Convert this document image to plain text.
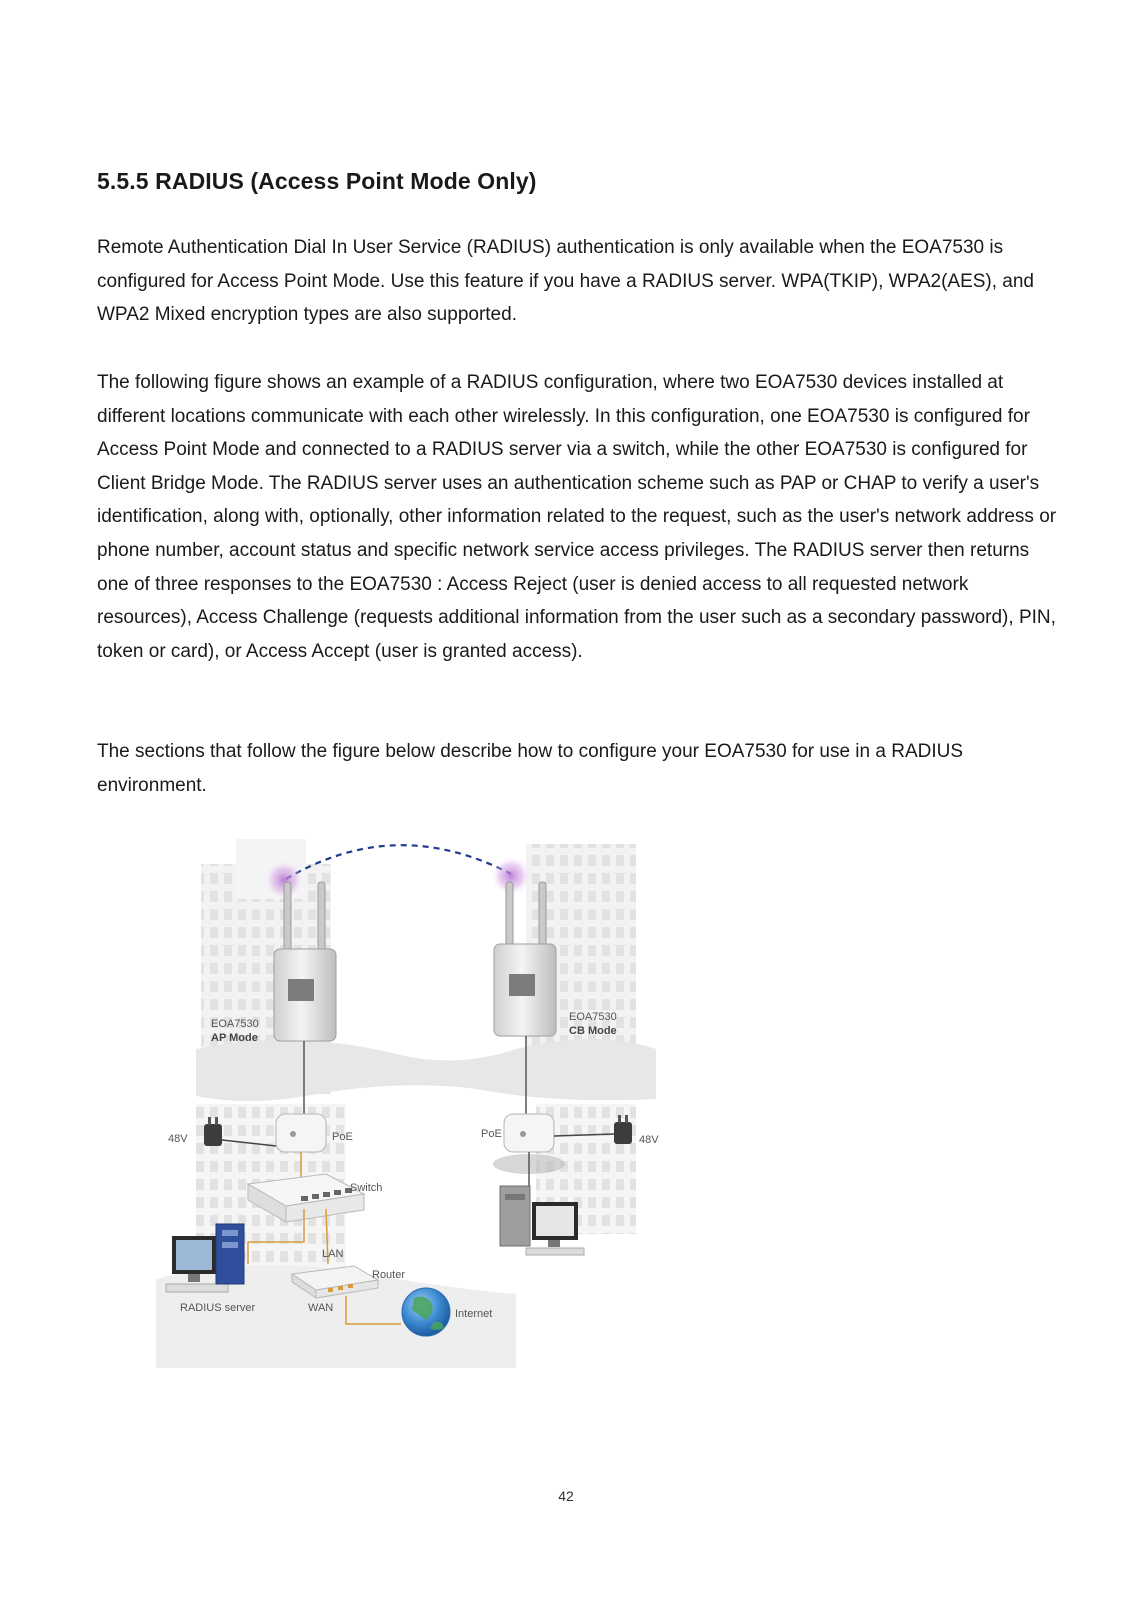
5.5.5 RADIUS (Access Point Mode Only)

Remote Authentication Dial In User Service (RADIUS) authentication is only available when the EOA7530 is configured for Access Point Mode. Use this feature if you have a RADIUS server. WPA(TKIP), WPA2(AES), and WPA2 Mixed encryption types are also supported.

The following figure shows an example of a RADIUS configuration, where two EOA7530 devices installed at different locations communicate with each other wirelessly. In this configuration, one EOA7530 is configured for Access Point Mode and connected to a RADIUS server via a switch, while the other EOA7530 is configured for Client Bridge Mode. The RADIUS server uses an authentication scheme such as PAP or CHAP to verify a user's identification, along with, optionally, other information related to the request, such as the user's network address or phone number, account status and specific network service access privileges. The RADIUS server then returns one of three responses to the EOA7530 : Access Reject (user is denied access to all requested network resources), Access Challenge (requests additional information from the user such as a secondary password), PIN, token or card), or Access Accept (user is granted access).

The sections that follow the figure below describe how to configure your EOA7530 for use in a RADIUS environment.

EOA7530
AP Mode
EOA7530
CB Mode
48V	PoE
Switch
LAN
RADIUS server
Router
WAN	Internet
PoE	48V
42
